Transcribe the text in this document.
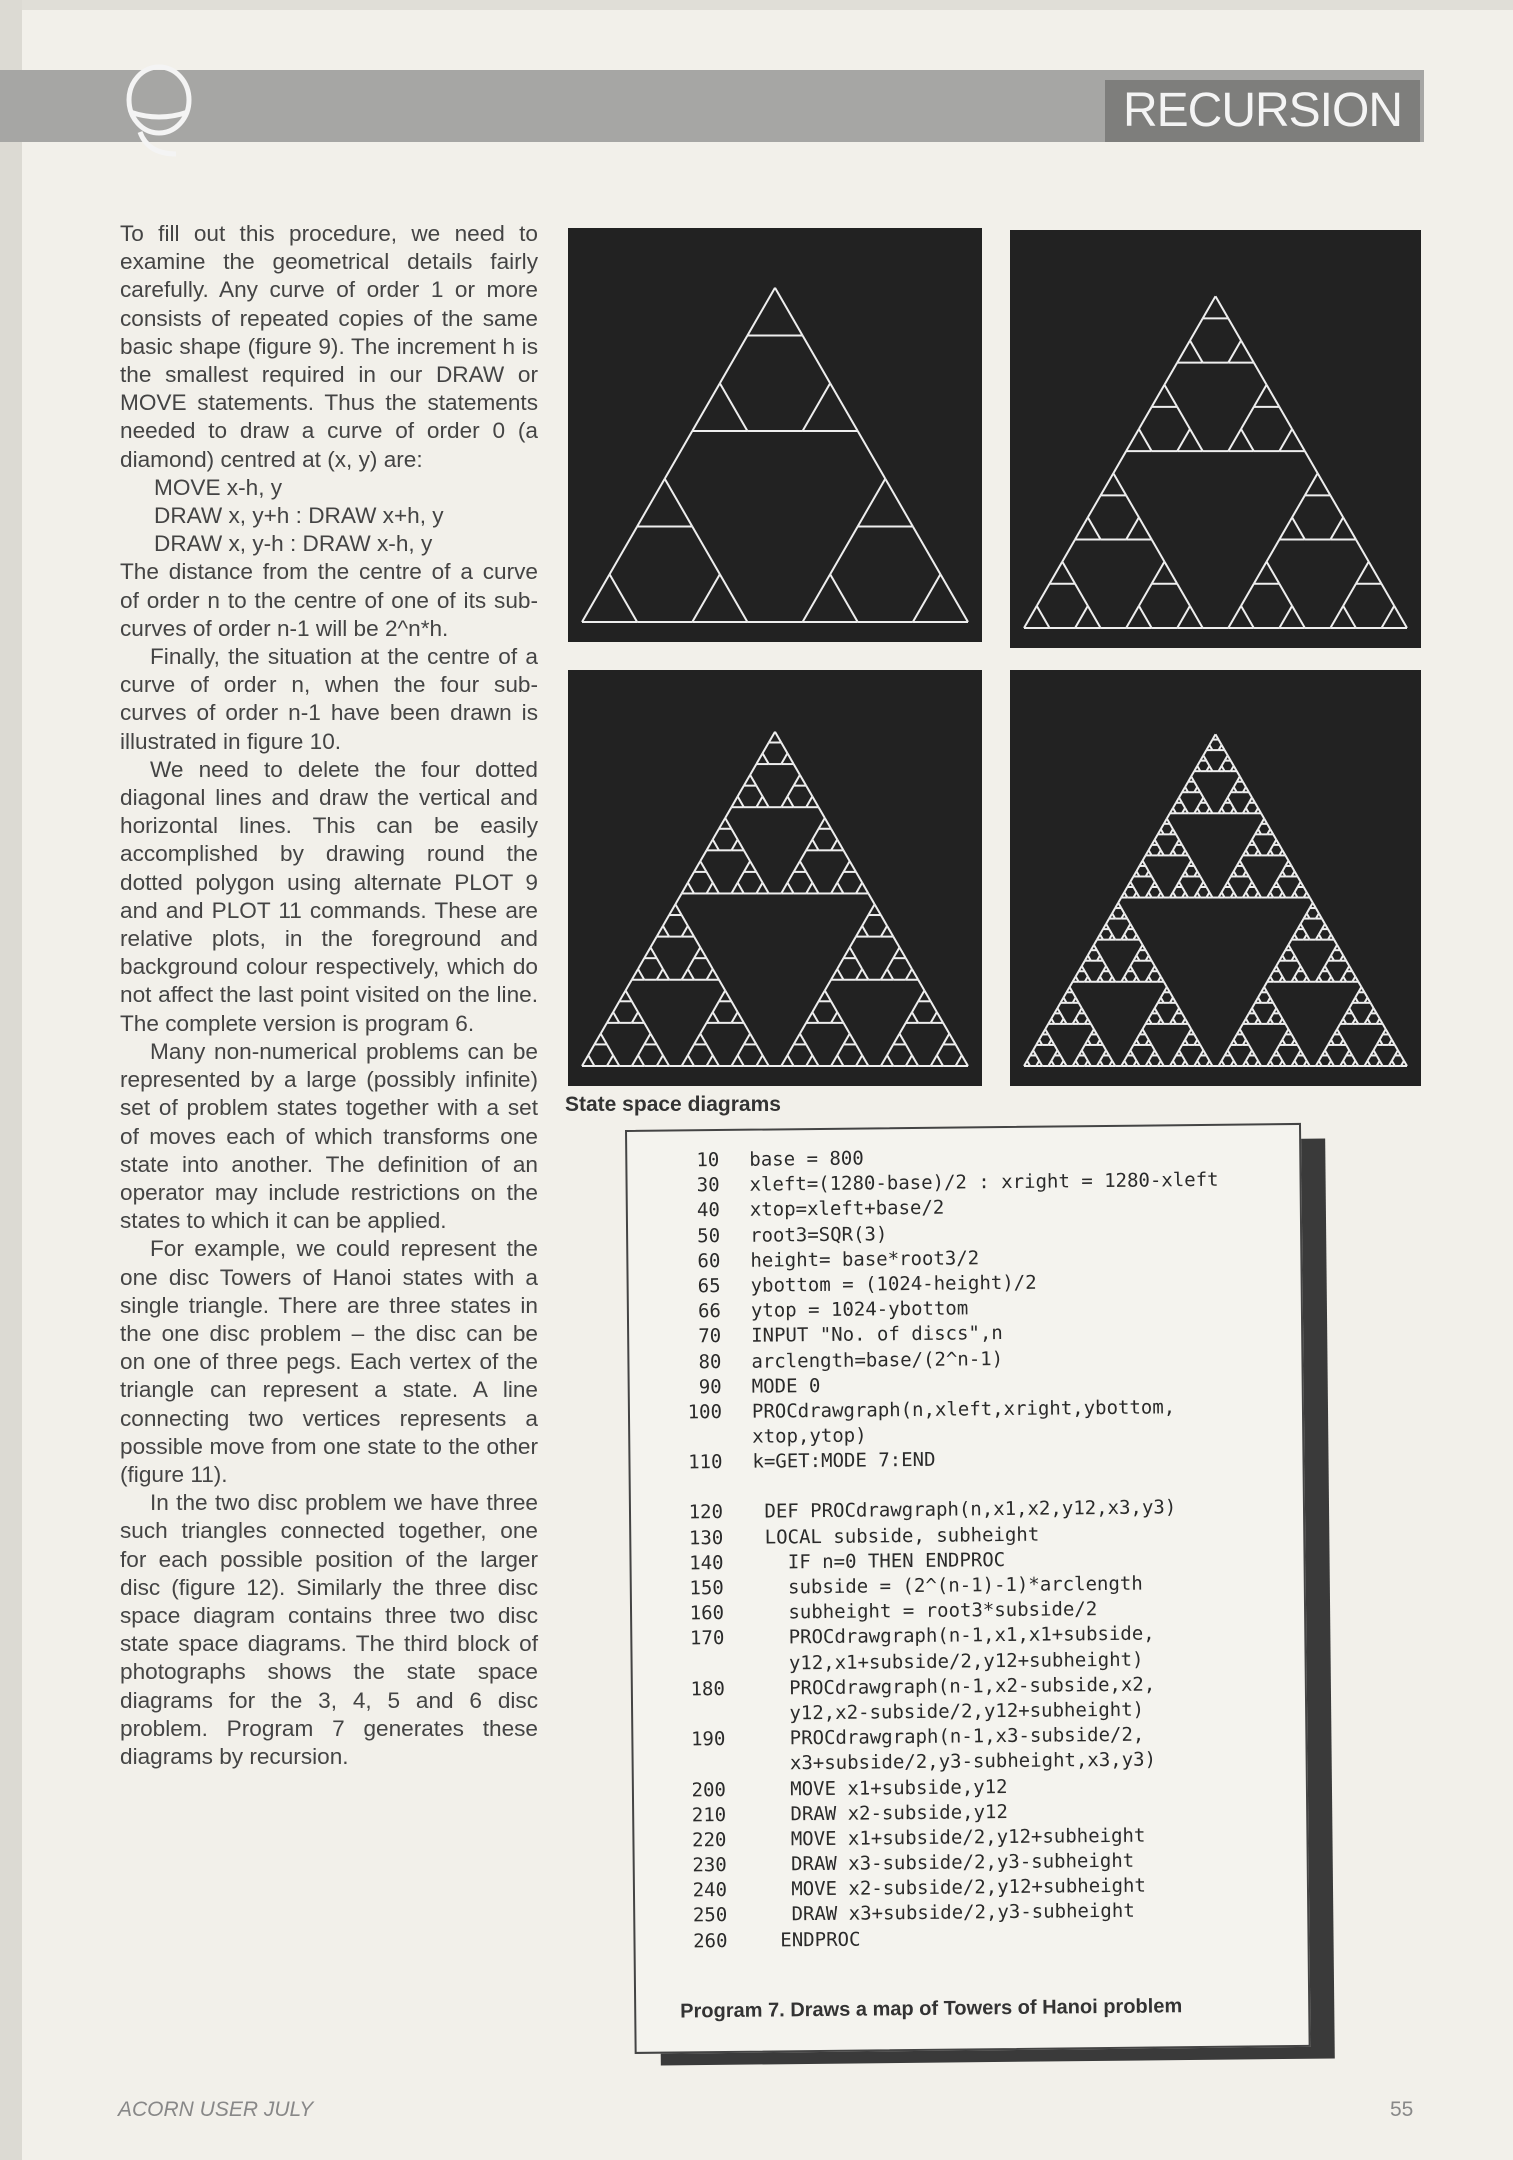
RECURSION

To fill out this procedure, we need to examine the geometrical details fairly carefully. Any curve of order 1 or more consists of repeated copies of the same basic shape (figure 9). The increment h is the smallest required in our DRAW or MOVE statements. Thus the statements needed to draw a curve of order 0 (a diamond) centred at (x, y) are:

MOVE x-h, y

DRAW x, y+h : DRAW x+h, y

DRAW x, y-h : DRAW x-h, y

The distance from the centre of a curve of order n to the centre of one of its sub-curves of order n-1 will be 2^n*h.

Finally, the situation at the centre of a curve of order n, when the four sub-curves of order n-1 have been drawn is illustrated in figure 10.

We need to delete the four dotted diagonal lines and draw the vertical and horizontal lines. This can be easily accomplished by drawing round the dotted polygon using alternate PLOT 9 and and PLOT 11 commands. These are relative plots, in the foreground and background colour respectively, which do not affect the last point visited on the line. The complete version is program 6.

Many non-numerical problems can be represented by a large (possibly infinite) set of problem states together with a set of moves each of which transforms one state into another. The definition of an operator may include restrictions on the states to which it can be applied.

For example, we could represent the one disc Towers of Hanoi states with a single triangle. There are three states in the one disc problem – the disc can be on one of three pegs. Each vertex of the triangle can represent a state. A line connecting two vertices represents a possible move from one state to the other (figure 11).

In the two disc problem we have three such triangles connected together, one for each possible position of the larger disc (figure 12). Similarly the three disc space diagram contains three two disc state space diagrams. The third block of photographs shows the state space diagrams for the 3, 4, 5 and 6 disc problem. Program 7 generates these diagrams by recursion.

State space diagrams
10	base = 800
30	xleft=(1280-base)/2 : xright = 1280-xleft
40	xtop=xleft+base/2
50	root3=SQR(3)
60	height= base*root3/2
65	ybottom = (1024-height)/2
66	ytop = 1024-ybottom
70	INPUT "No. of discs",n
80	arclength=base/(2^n-1)
90	MODE 0
100	PROCdrawgraph(n,xleft,xright,ybottom,
xtop,ytop)
110	k=GET:MODE 7:END
120	DEF PROCdrawgraph(n,x1,x2,y12,x3,y3)
130	LOCAL subside, subheight
140	IF n=0 THEN ENDPROC
150	subside = (2^(n-1)-1)*arclength
160	subheight = root3*subside/2
170	PROCdrawgraph(n-1,x1,x1+subside,
y12,x1+subside/2,y12+subheight)
180	PROCdrawgraph(n-1,x2-subside,x2,
y12,x2-subside/2,y12+subheight)
190	PROCdrawgraph(n-1,x3-subside/2,
x3+subside/2,y3-subheight,x3,y3)
200	MOVE x1+subside,y12
210	DRAW x2-subside,y12
220	MOVE x1+subside/2,y12+subheight
230	DRAW x3-subside/2,y3-subheight
240	MOVE x2-subside/2,y12+subheight
250	DRAW x3+subside/2,y3-subheight
260	ENDPROC
Program 7. Draws a map of Towers of Hanoi problem
ACORN USER JULY	55
